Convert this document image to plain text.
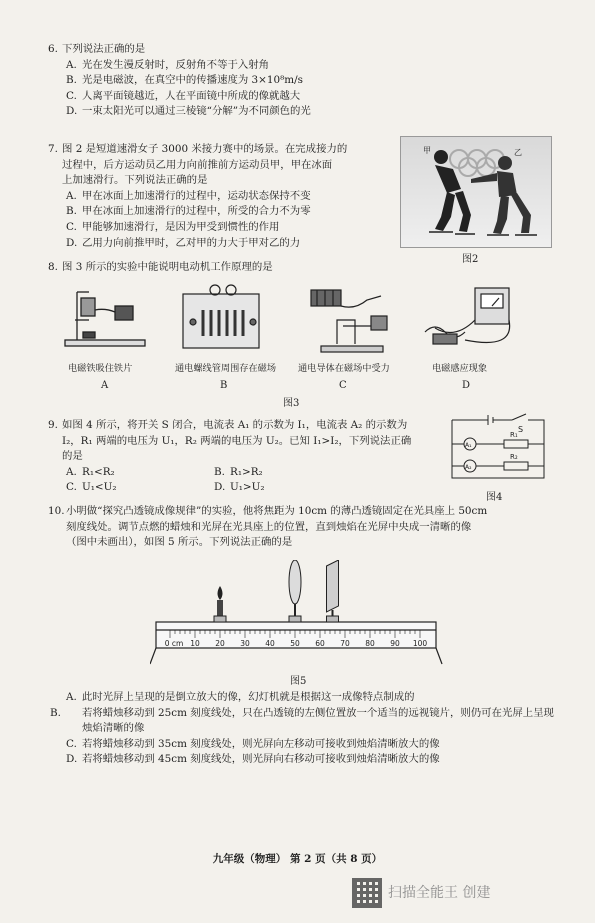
6. 下列说法正确的是

A. 光在发生漫反射时，反射角不等于入射角

B. 光是电磁波，在真空中的传播速度为 3×10⁸m/s

C. 人离平面镜越近，人在平面镜中所成的像就越大

D. 一束太阳光可以通过三棱镜“分解”为不同颜色的光

7. 图 2 是短道速滑女子 3000 米接力赛中的场景。在完成接力的

过程中，后方运动员乙用力向前推前方运动员甲，甲在冰面

上加速滑行。下列说法正确的是

A. 甲在冰面上加速滑行的过程中，运动状态保持不变

B. 甲在冰面上加速滑行的过程中，所受的合力不为零

C. 甲能够加速滑行，是因为甲受到惯性的作用

D. 乙用力向前推甲时，乙对甲的力大于甲对乙的力

甲	乙
图2

8. 图 3 所示的实验中能说明电动机工作原理的是

电磁铁吸住铁片
A
通电螺线管周围存在磁场
B
通电导体在磁场中受力
C
电磁感应现象
D
图3

9. 如图 4 所示，将开关 S 闭合，电流表 A₁ 的示数为 I₁，电流表 A₂ 的示数为

I₂，R₁ 两端的电压为 U₁，R₂ 两端的电压为 U₂。已知 I₁>I₂，下列说法正确

的是

A. R₁<R₂	B. R₁>R₂

C. U₁<U₂	D. U₁>U₂

S
A₁
A₂
R₁
R₂
图4

10.小明做“探究凸透镜成像规律”的实验，他将焦距为 10cm 的薄凸透镜固定在光具座上 50cm

刻度线处。调节点燃的蜡烛和光屏在光具座上的位置，直到烛焰在光屏中央成一清晰的像

（图中未画出），如图 5 所示。下列说法正确的是

0 cm 10 20 30 40 50 60 70 80 90 100
图5

A. 此时光屏上呈现的是倒立放大的像，幻灯机就是根据这一成像特点制成的

B. 若将蜡烛移动到 25cm 刻度线处，只在凸透镜的左侧位置放一个适当的远视镜片，则仍可在光屏上呈现烛焰清晰的像

C. 若将蜡烛移动到 35cm 刻度线处，则光屏向左移动可接收到烛焰清晰放大的像

D. 若将蜡烛移动到 45cm 刻度线处，则光屏向右移动可接收到烛焰清晰放大的像

九年级（物理） 第 2 页（共 8 页）
扫描全能王 创建
